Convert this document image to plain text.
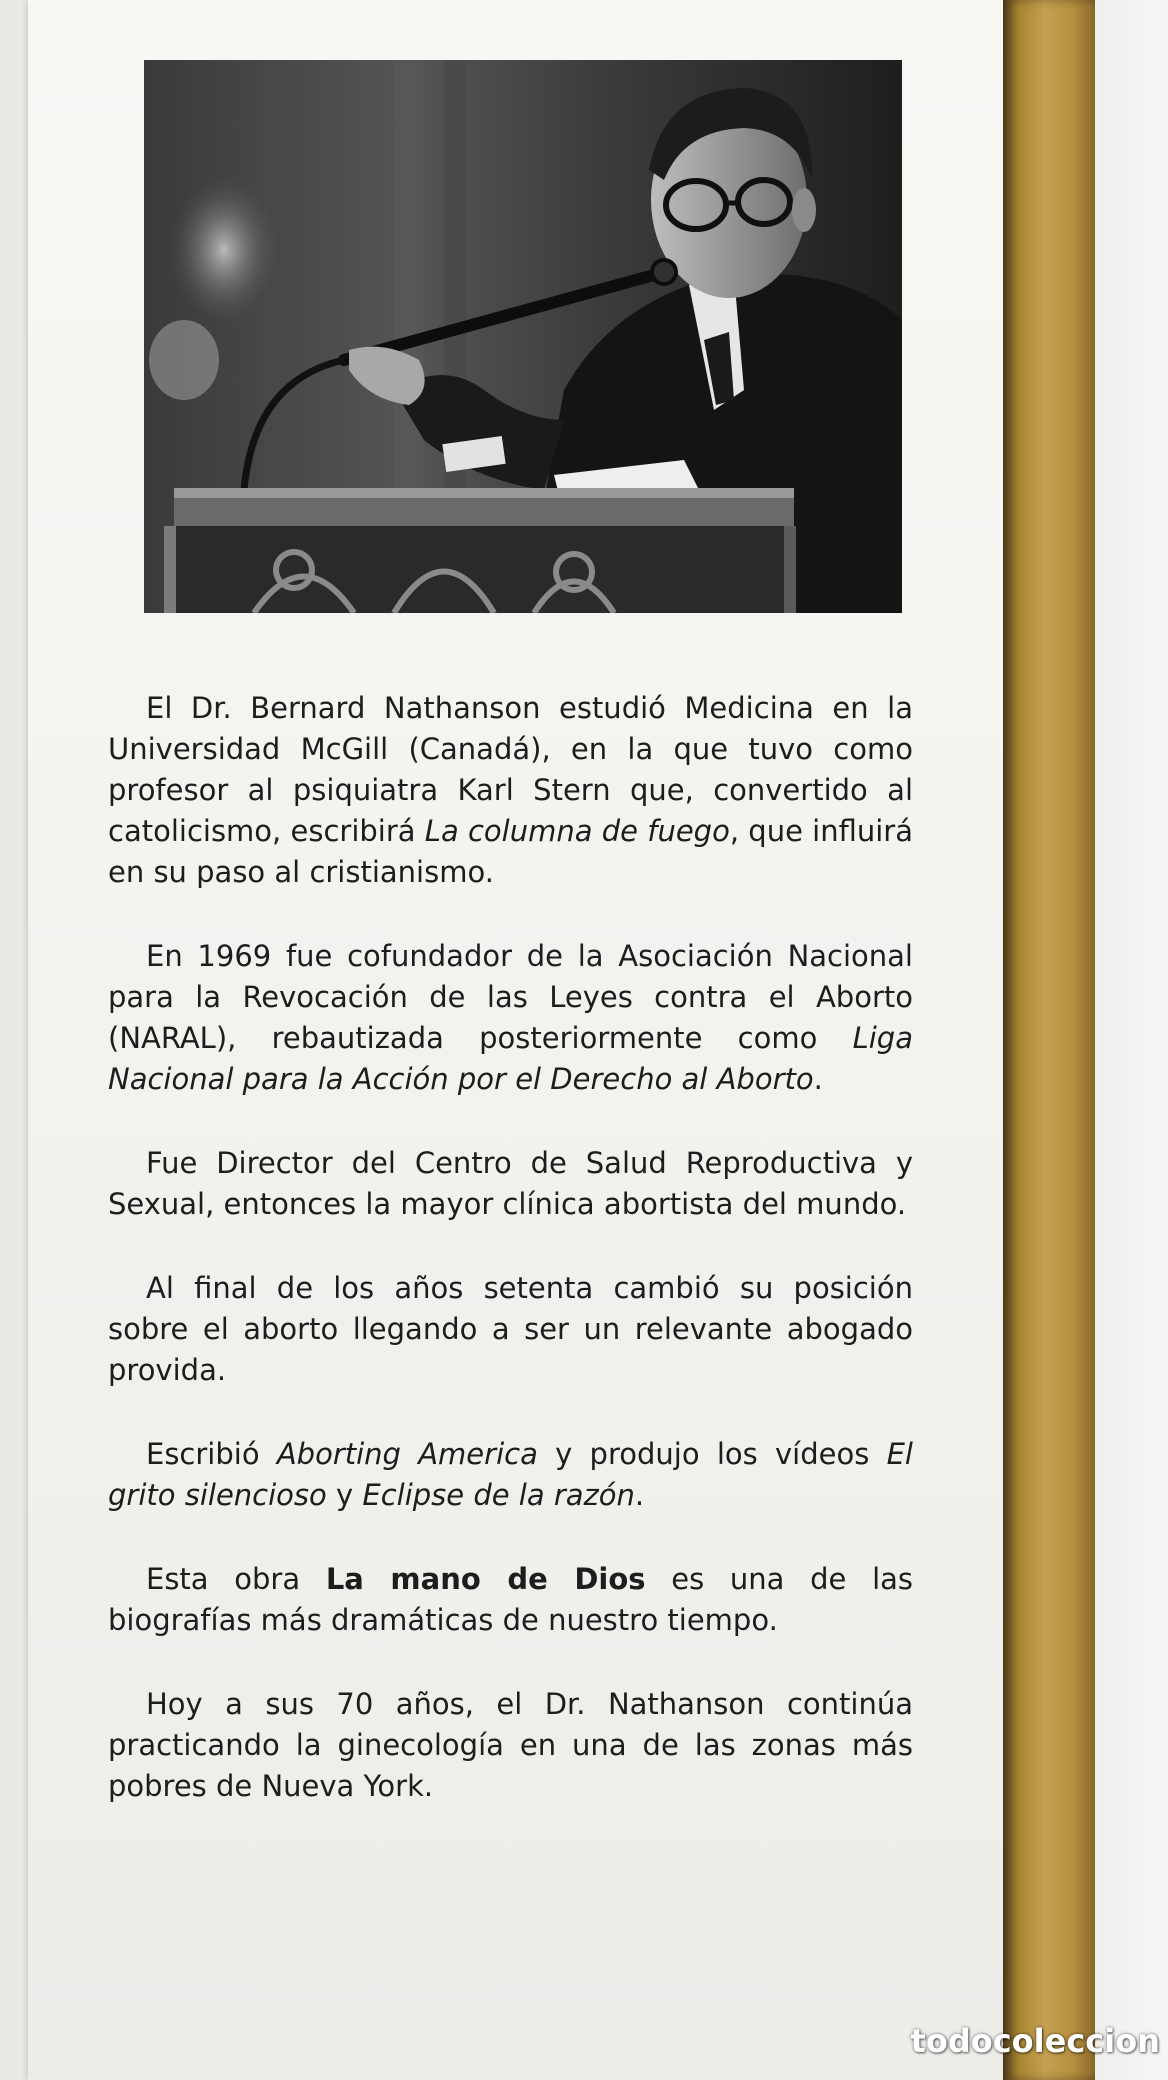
El Dr. Bernard Nathanson estudió Medicina en la Universidad McGill (Canadá), en la que tuvo como profesor al psiquiatra Karl Stern que, convertido al catolicismo, escribirá La columna de fuego, que influirá en su paso al cristianismo.

En 1969 fue cofundador de la Asociación Nacional para la Revocación de las Leyes contra el Aborto (NARAL), rebautizada posteriormente como Liga Nacional para la Acción por el Derecho al Aborto.

Fue Director del Centro de Salud Reproductiva y Sexual, entonces la mayor clínica abortista del mundo.

Al final de los años setenta cambió su posición sobre el aborto llegando a ser un relevante abogado provida.

Escribió Aborting America y produjo los vídeos El grito silencioso y Eclipse de la razón.

Esta obra La mano de Dios es una de las biografías más dramáticas de nuestro tiempo.

Hoy a sus 70 años, el Dr. Nathanson continúa practicando la ginecología en una de las zonas más pobres de Nueva York.

todocoleccion
